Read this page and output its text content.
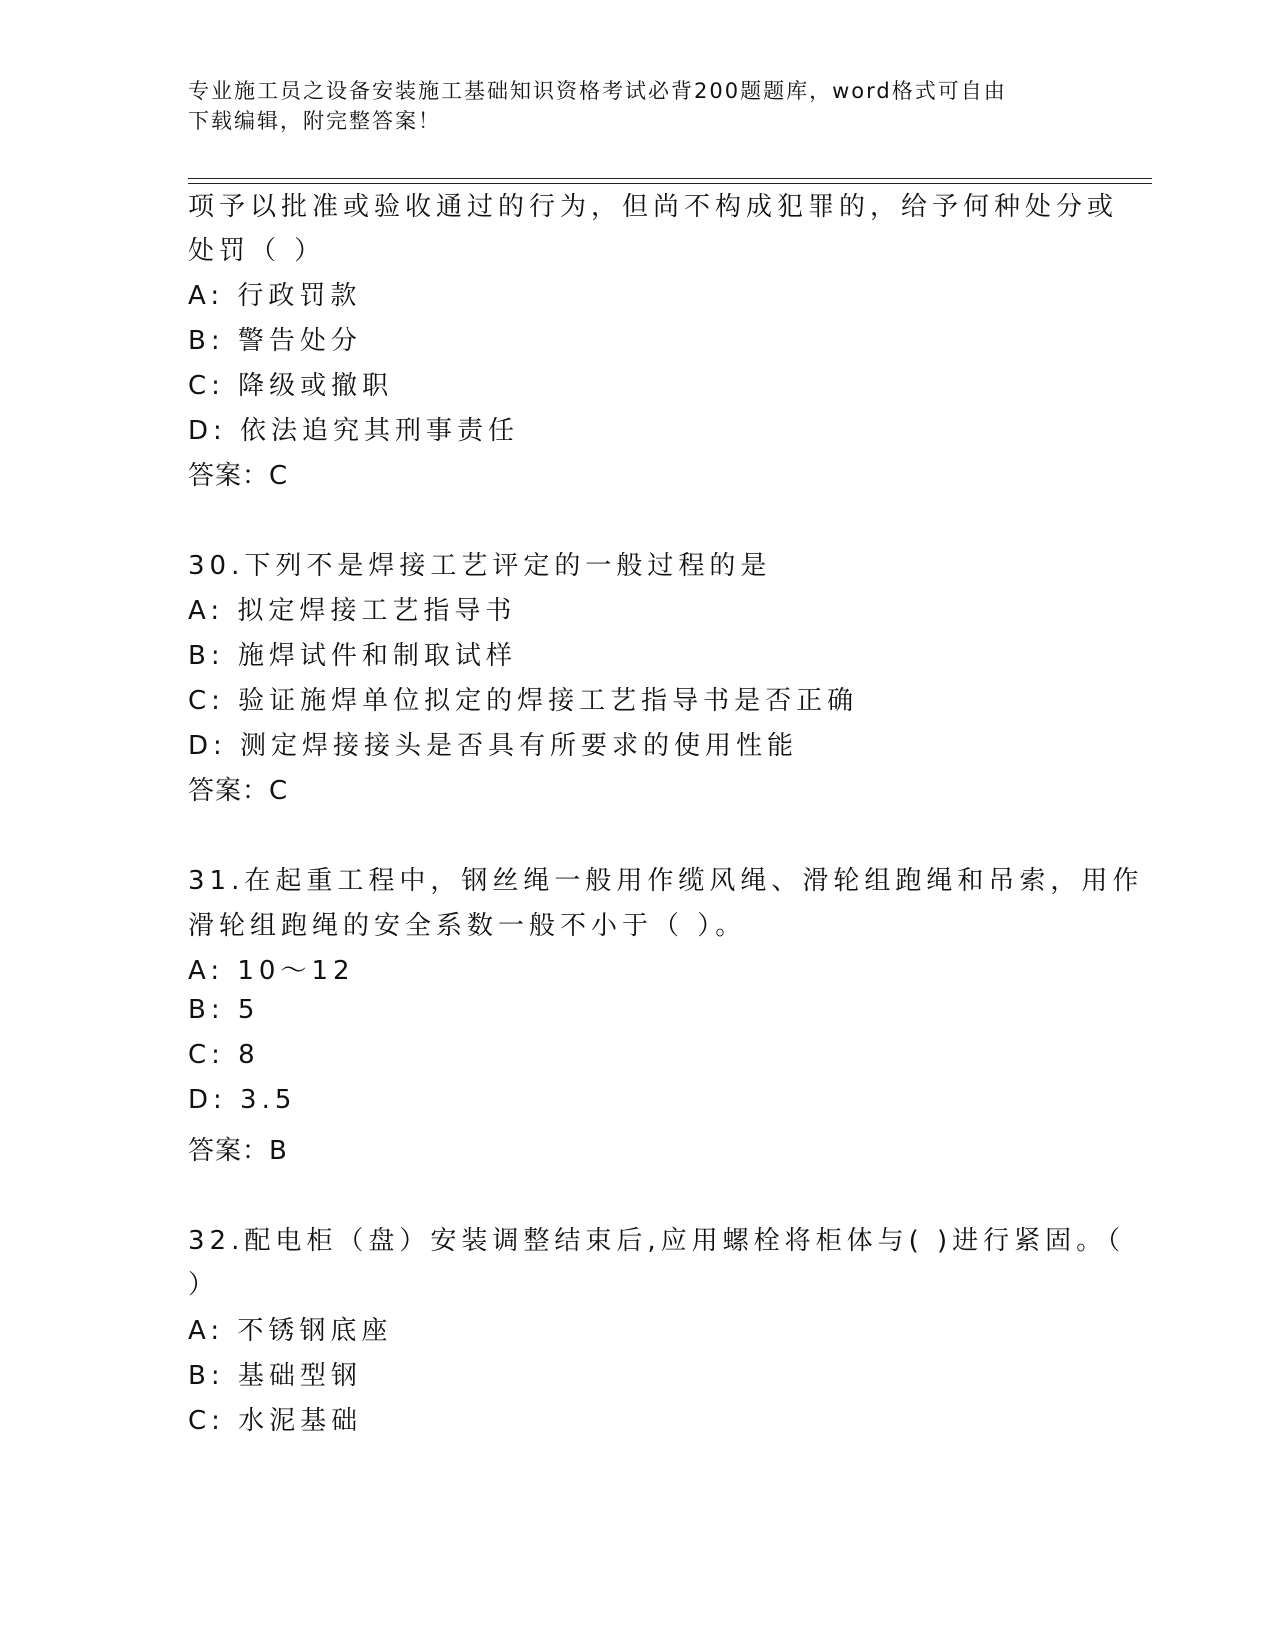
专业施工员之设备安装施工基础知识资格考试必背200题题库，word格式可自由
下载编辑，附完整答案！
项予以批准或验收通过的行为，但尚不构成犯罪的，给予何种处分或
处罚（ ）
A: 行政罚款
B: 警告处分
C: 降级或撤职
D: 依法追究其刑事责任
答案：C
30.下列不是焊接工艺评定的一般过程的是
A: 拟定焊接工艺指导书
B: 施焊试件和制取试样
C: 验证施焊单位拟定的焊接工艺指导书是否正确
D: 测定焊接接头是否具有所要求的使用性能
答案：C
31.在起重工程中，钢丝绳一般用作缆风绳、滑轮组跑绳和吊索，用作
滑轮组跑绳的安全系数一般不小于（ ）。
A: 10～12
B: 5
C: 8
D: 3.5
答案：B
32.配电柜（盘）安装调整结束后,应用螺栓将柜体与( )进行紧固。（
）
A: 不锈钢底座
B: 基础型钢
C: 水泥基础
